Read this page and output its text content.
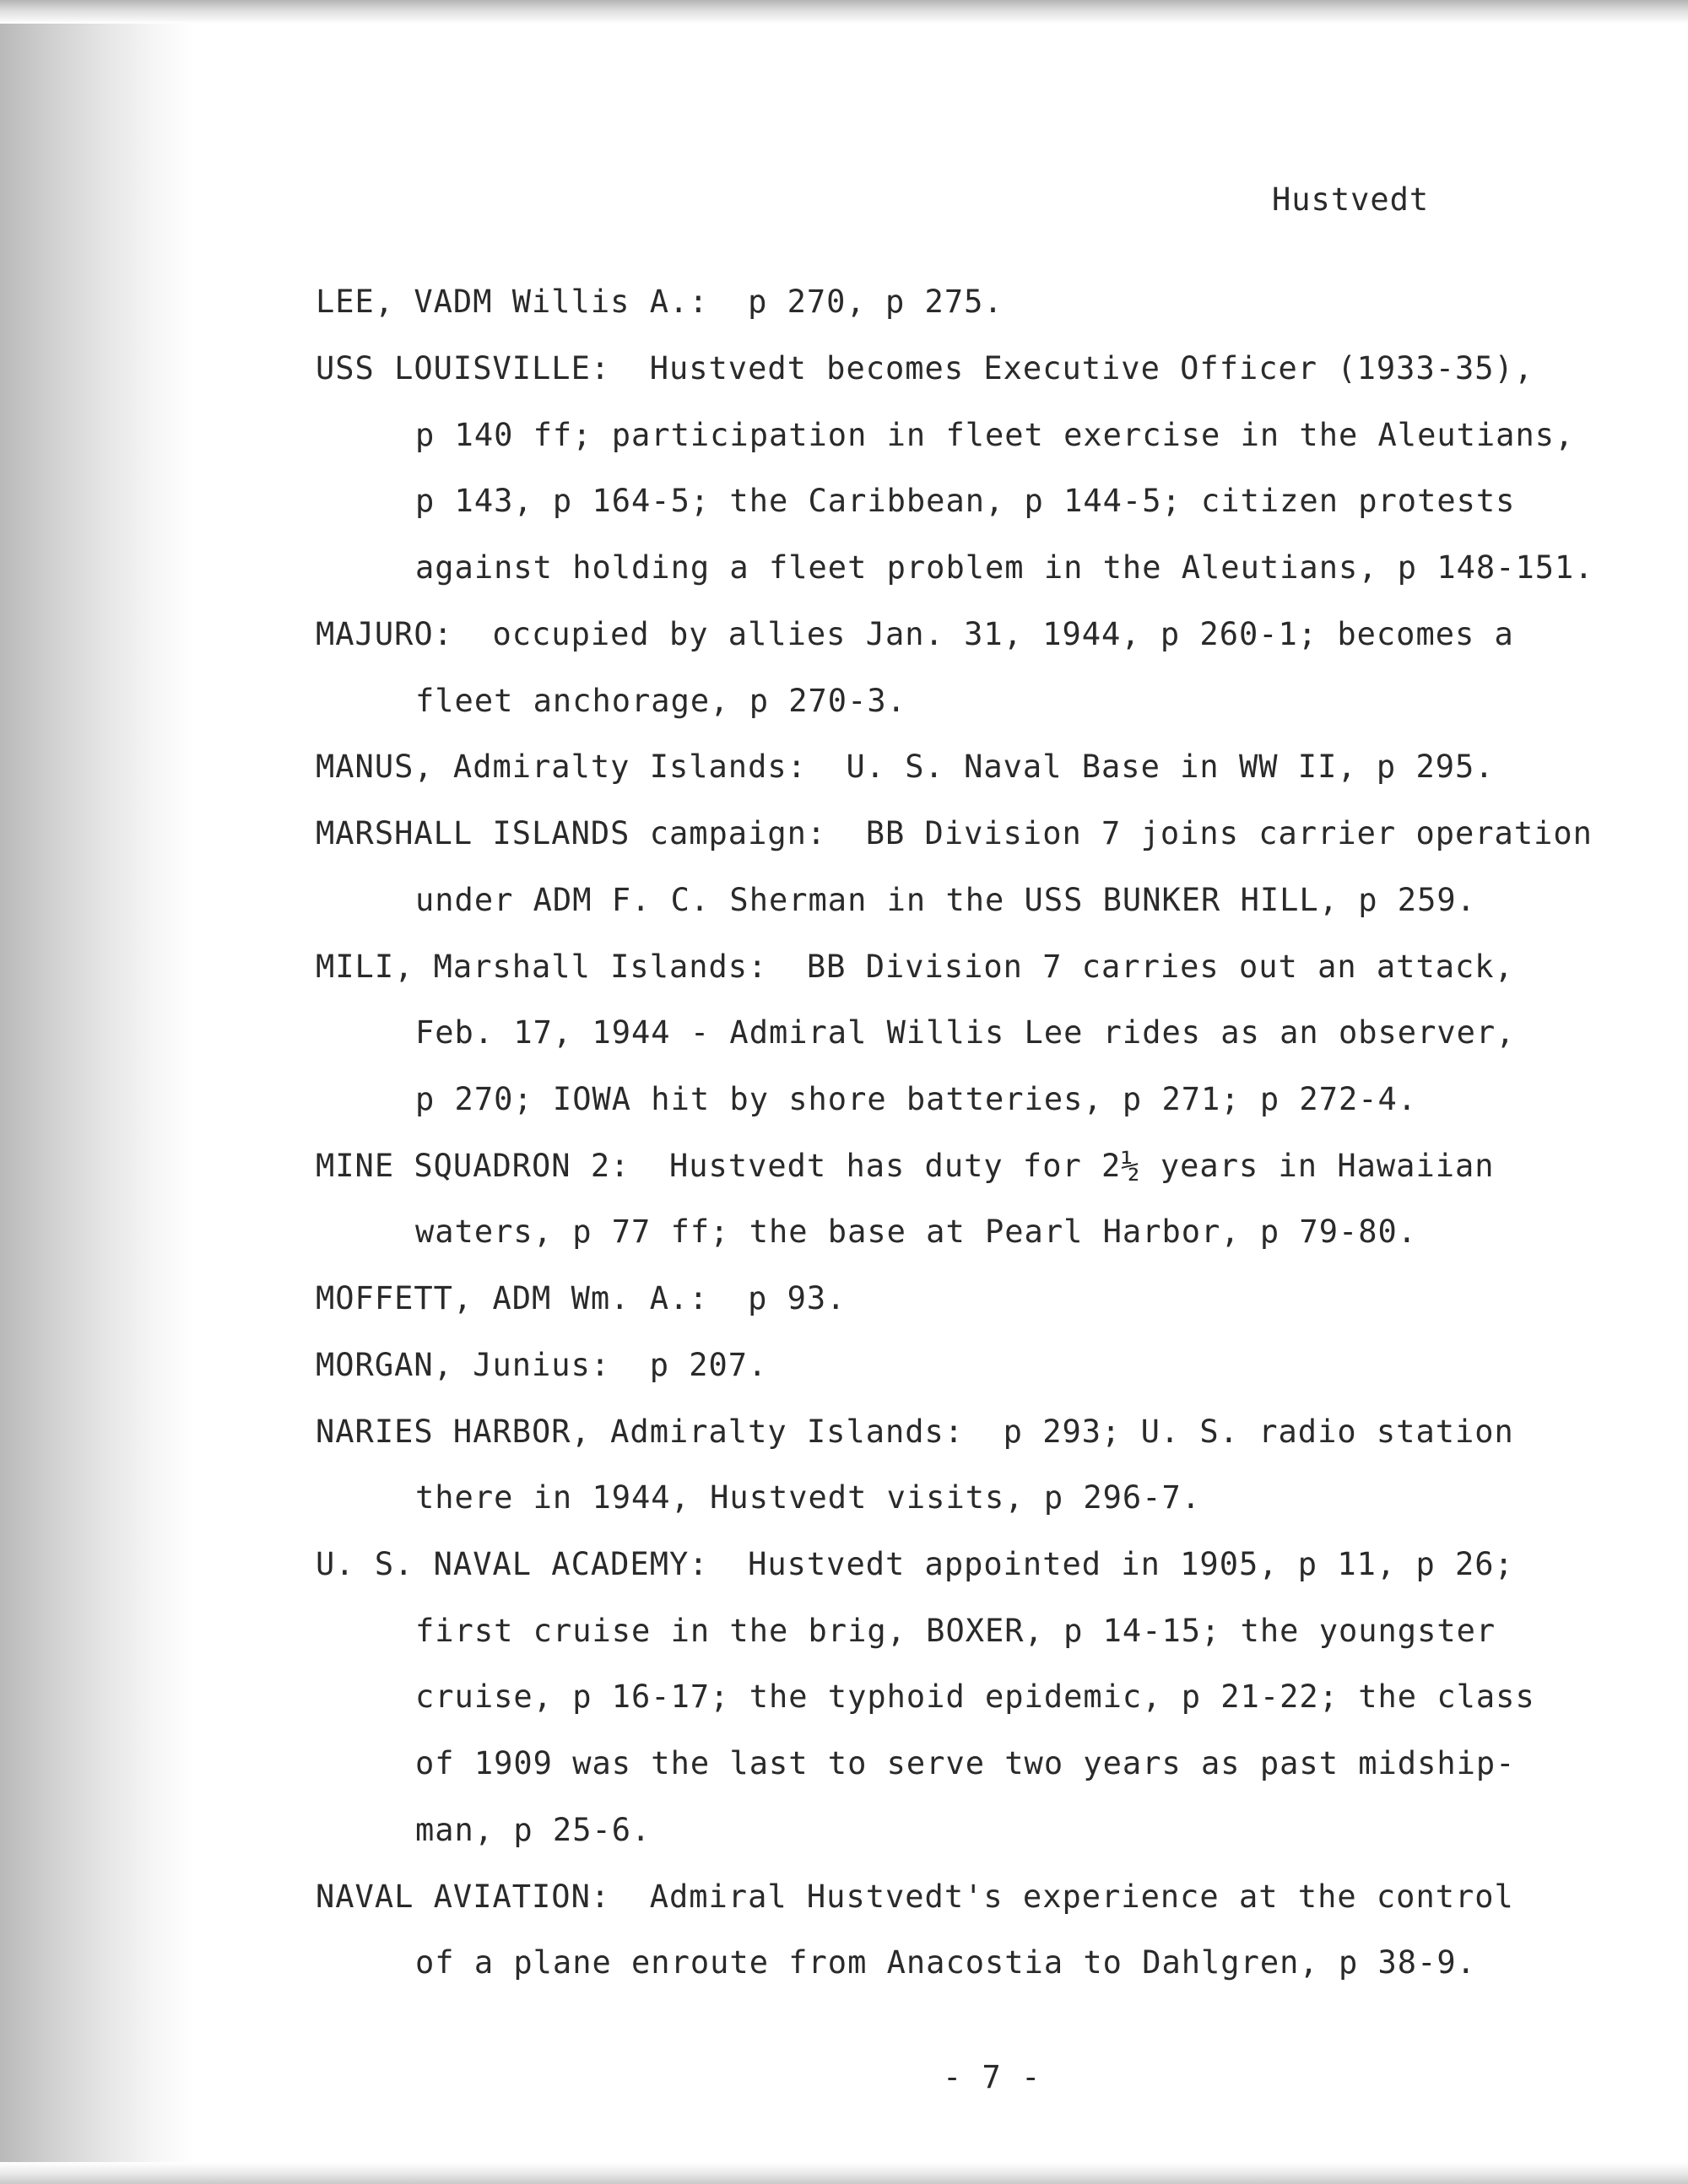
Hustvedt
LEE, VADM Willis A.:  p 270, p 275.
USS LOUISVILLE:  Hustvedt becomes Executive Officer (1933-35),
p 140 ff; participation in fleet exercise in the Aleutians,
p 143, p 164-5; the Caribbean, p 144-5; citizen protests
against holding a fleet problem in the Aleutians, p 148-151.
MAJURO:  occupied by allies Jan. 31, 1944, p 260-1; becomes a
fleet anchorage, p 270-3.
MANUS, Admiralty Islands:  U. S. Naval Base in WW II, p 295.
MARSHALL ISLANDS campaign:  BB Division 7 joins carrier operation
under ADM F. C. Sherman in the USS BUNKER HILL, p 259.
MILI, Marshall Islands:  BB Division 7 carries out an attack,
Feb. 17, 1944 - Admiral Willis Lee rides as an observer,
p 270; IOWA hit by shore batteries, p 271; p 272-4.
MINE SQUADRON 2:  Hustvedt has duty for 2½ years in Hawaiian
waters, p 77 ff; the base at Pearl Harbor, p 79-80.
MOFFETT, ADM Wm. A.:  p 93.
MORGAN, Junius:  p 207.
NARIES HARBOR, Admiralty Islands:  p 293; U. S. radio station
there in 1944, Hustvedt visits, p 296-7.
U. S. NAVAL ACADEMY:  Hustvedt appointed in 1905, p 11, p 26;
first cruise in the brig, BOXER, p 14-15; the youngster
cruise, p 16-17; the typhoid epidemic, p 21-22; the class
of 1909 was the last to serve two years as past midship-
man, p 25-6.
NAVAL AVIATION:  Admiral Hustvedt's experience at the control
of a plane enroute from Anacostia to Dahlgren, p 38-9.
- 7 -
